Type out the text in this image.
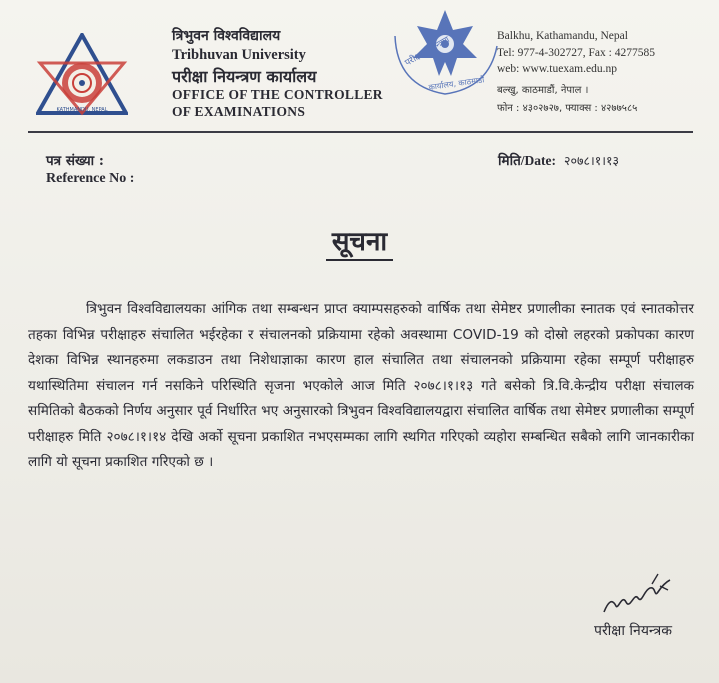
KATHMANDU, NEPAL
त्रिभुवन विश्वविद्यालय
Tribhuvan University
परीक्षा नियन्त्रण कार्यालय
OFFICE OF THE CONTROLLER
OF EXAMINATIONS
परीक्षा नियन्त्रण
कार्यालय, काठमाडौं
Balkhu, Kathamandu, Nepal
Tel: 977-4-302727, Fax : 4277585
web: www.tuexam.edu.np
बल्खु, काठमाडौं, नेपाल ।
फोन : ४३०२७२७, फ्याक्स : ४२७७५८५
पत्र संख्या :
Reference No :
मिति/Date: २०७८।१।१३
सूचना
त्रिभुवन विश्वविद्यालयका आंगिक तथा सम्बन्धन प्राप्त क्याम्पसहरुको वार्षिक तथा सेमेष्टर प्रणालीका स्नातक एवं स्नातकोत्तर तहका विभिन्न परीक्षाहरु संचालित भईरहेका र संचालनको प्रक्रियामा रहेको अवस्थामा COVID-19 को दोस्रो लहरको प्रकोपका कारण देशका विभिन्न स्थानहरुमा लकडाउन तथा निशेधाज्ञाका कारण हाल संचालित तथा संचालनको प्रक्रियामा रहेका सम्पूर्ण परीक्षाहरु यथास्थितिमा संचालन गर्न नसकिने परिस्थिति सृजना भएकोले आज मिति २०७८।१।१३ गते बसेको त्रि.वि.केन्द्रीय परीक्षा संचालक समितिको बैठकको निर्णय अनुसार पूर्व निर्धारित भए अनुसारको त्रिभुवन विश्वविद्यालयद्वारा संचालित वार्षिक तथा सेमेष्टर प्रणालीका सम्पूर्ण परीक्षाहरु मिति २०७८।१।१४ देखि अर्को सूचना प्रकाशित नभएसम्मका लागि स्थगित गरिएको व्यहोरा सम्बन्धित सबैको लागि जानकारीका लागि यो सूचना प्रकाशित गरिएको छ ।
परीक्षा नियन्त्रक
